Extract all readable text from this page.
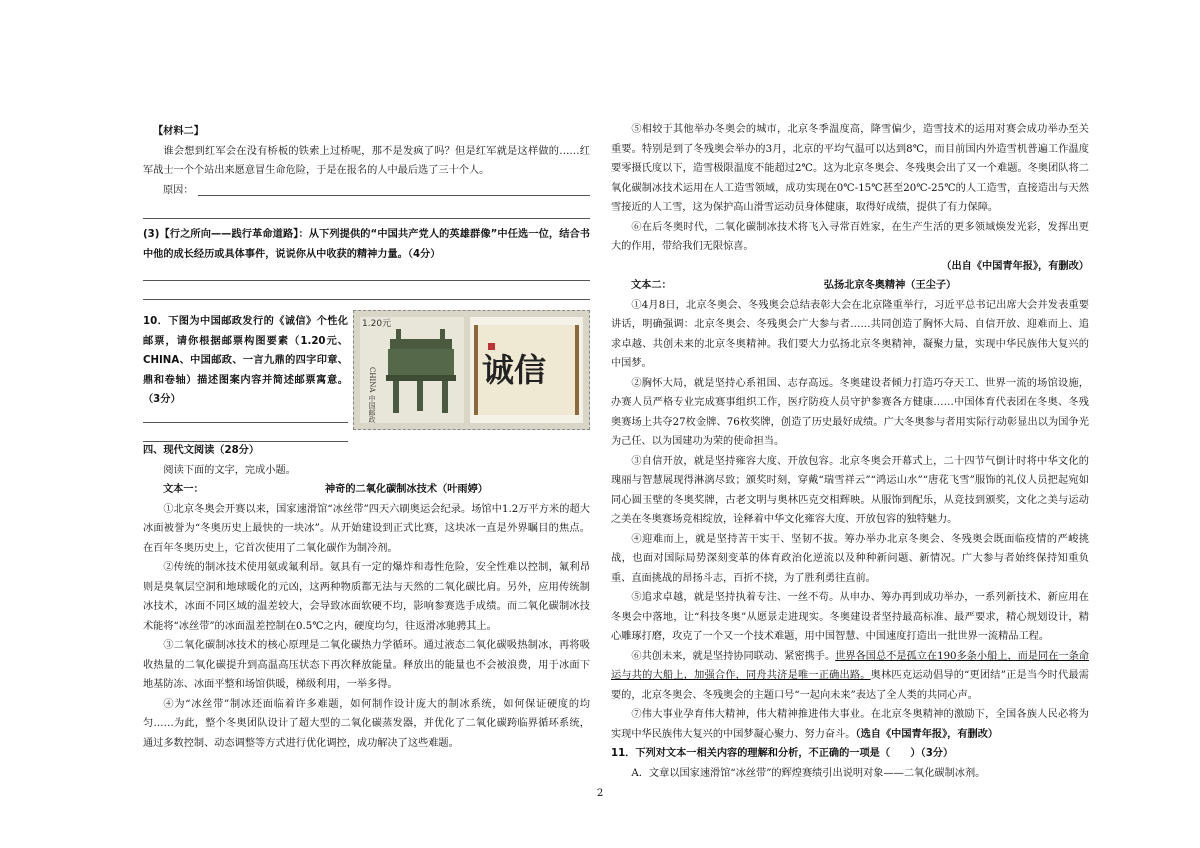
【材料二】

谁会想到红军会在没有桥板的铁索上过桥呢，那不是发疯了吗？但是红军就是这样做的……红军战士一个个站出来愿意冒生命危险，于是在报名的人中最后选了三十个人。

原因：

(3)【行之所向——践行革命道路】：从下列提供的“中国共产党人的英雄群像”中任选一位，结合书中他的成长经历或具体事件，说说你从中收获的精神力量。（4分）

10．下图为中国邮政发行的《诚信》个性化邮票，请你根据邮票构图要素（1.20元、CHINA、中国邮政、一言九鼎的四字印章、鼎和卷轴）描述图案内容并简述邮票寓意。（3分）

1.20元
CHINA 中国邮政	诚信

四、现代文阅读（28分）

阅读下面的文字，完成小题。

文本一：	神奇的二氧化碳制冰技术（叶雨婷）

①北京冬奥会开赛以来，国家速滑馆“冰丝带”四天六刷奥运会纪录。场馆中1.2万平方米的超大冰面被誉为“冬奥历史上最快的一块冰”。从开始建设到正式比赛，这块冰一直是外界瞩目的焦点。在百年冬奥历史上，它首次使用了二氧化碳作为制冷剂。

②传统的制冰技术使用氨或氟利昂。氨具有一定的爆炸和毒性危险，安全性难以控制，氟利昂则是臭氧层空洞和地球暖化的元凶，这两种物质都无法与天然的二氧化碳比肩。另外，应用传统制冰技术，冰面不同区域的温差较大，会导致冰面软硬不均，影响参赛选手成绩。而二氧化碳制冰技术能将“冰丝带”的冰面温差控制在0.5℃之内，硬度均匀，往返滑冰驰骋其上。

③二氧化碳制冰技术的核心原理是二氧化碳热力学循环。通过液态二氧化碳吸热制冰，再将吸收热量的二氧化碳提升到高温高压状态下再次释放能量。释放出的能量也不会被浪费，用于冰面下地基防冻、冰面平整和场馆供暖，梯级利用，一举多得。

④为“冰丝带”制冰还面临着许多难题，如何制作设计庞大的制冰系统，如何保证硬度的均匀……为此，整个冬奥团队设计了超大型的二氧化碳蒸发器，并优化了二氧化碳跨临界循环系统，通过多数控制、动态调整等方式进行优化调控，成功解决了这些难题。

⑤相较于其他举办冬奥会的城市，北京冬季温度高，降雪偏少，造雪技术的运用对赛会成功举办至关重要。特别是到了冬残奥会举办的3月，北京的平均气温可以达到8℃，而目前国内外造雪机普遍工作温度要零摄氏度以下，造雪极限温度不能超过2℃。这为北京冬奥会、冬残奥会出了又一个难题。冬奥团队将二氧化碳制冰技术运用在人工造雪领域，成功实现在0℃-15℃甚至20℃-25℃的人工造雪，直接造出与天然雪接近的人工雪，这为保护高山滑雪运动员身体健康，取得好成绩，提供了有力保障。

⑥在后冬奥时代，二氧化碳制冰技术将飞入寻常百姓家，在生产生活的更多领域焕发光彩，发挥出更大的作用，带给我们无限惊喜。

（出自《中国青年报》，有删改）

文本二：	弘扬北京冬奥精神（王尘子）

①4月8日，北京冬奥会、冬残奥会总结表彰大会在北京隆重举行，习近平总书记出席大会并发表重要讲话，明确强调：北京冬奥会、冬残奥会广大参与者……共同创造了胸怀大局、自信开放、迎难而上、追求卓越、共创未来的北京冬奥精神。我们要大力弘扬北京冬奥精神，凝聚力量，实现中华民族伟大复兴的中国梦。

②胸怀大局，就是坚持心系祖国、志存高远。冬奥建设者倾力打造巧夺天工、世界一流的场馆设施，办赛人员严格专业完成赛事组织工作，医疗防疫人员守护参赛各方健康……中国体育代表团在冬奥、冬残奥赛场上共夺27枚金牌、76枚奖牌，创造了历史最好成绩。广大冬奥参与者用实际行动彰显出以为国争光为己任、以为国建功为荣的使命担当。

③自信开放，就是坚持雍容大度、开放包容。北京冬奥会开幕式上，二十四节气倒计时将中华文化的瑰丽与智慧展现得淋漓尽致；颁奖时刻，穿戴“瑞雪祥云”“鸿运山水”“唐花飞雪”服饰的礼仪人员把起宛如同心圆玉壁的冬奥奖牌，古老文明与奥林匹克交相辉映。从服饰到配乐，从竞技到颁奖，文化之美与运动之美在冬奥赛场竞相绽放，诠释着中华文化雍容大度、开放包容的独特魅力。

④迎难而上，就是坚持苦干实干、坚韧不拔。筹办举办北京冬奥会、冬残奥会既面临疫情的严峻挑战，也面对国际局势深刻变革的体育政治化逆流以及种种新问题、新情况。广大参与者始终保持知重负重、直面挑战的昂扬斗志，百折不挠，为了胜利勇往直前。

⑤追求卓越，就是坚持执着专注、一丝不苟。从申办、筹办再到成功举办，一系列新技术、新应用在冬奥会中落地，让“科技冬奥”从愿景走进现实。冬奥建设者坚持最高标准、最严要求，精心规划设计，精心雕琢打磨，攻克了一个又一个技术难题，用中国智慧、中国速度打造出一批世界一流精品工程。

⑥共创未来，就是坚持协同联动、紧密携手。世界各国总不是孤立在190多条小船上，而是同在一条命运与共的大船上，加强合作，同舟共济是唯一正确出路。奥林匹克运动倡导的“更团结”正是当今时代最需要的，北京冬奥会、冬残奥会的主题口号“一起向未来”表达了全人类的共同心声。

⑦伟大事业孕育伟大精神，伟大精神推进伟大事业。在北京冬奥精神的激励下，全国各族人民必将为实现中华民族伟大复兴的中国梦凝心聚力、努力奋斗。（选自《中国青年报》，有删改）

11．下列对文本一相关内容的理解和分析，不正确的一项是（　　）（3分）

A．文章以国家速滑馆“冰丝带”的辉煌赛绩引出说明对象——二氧化碳制冰剂。

2
